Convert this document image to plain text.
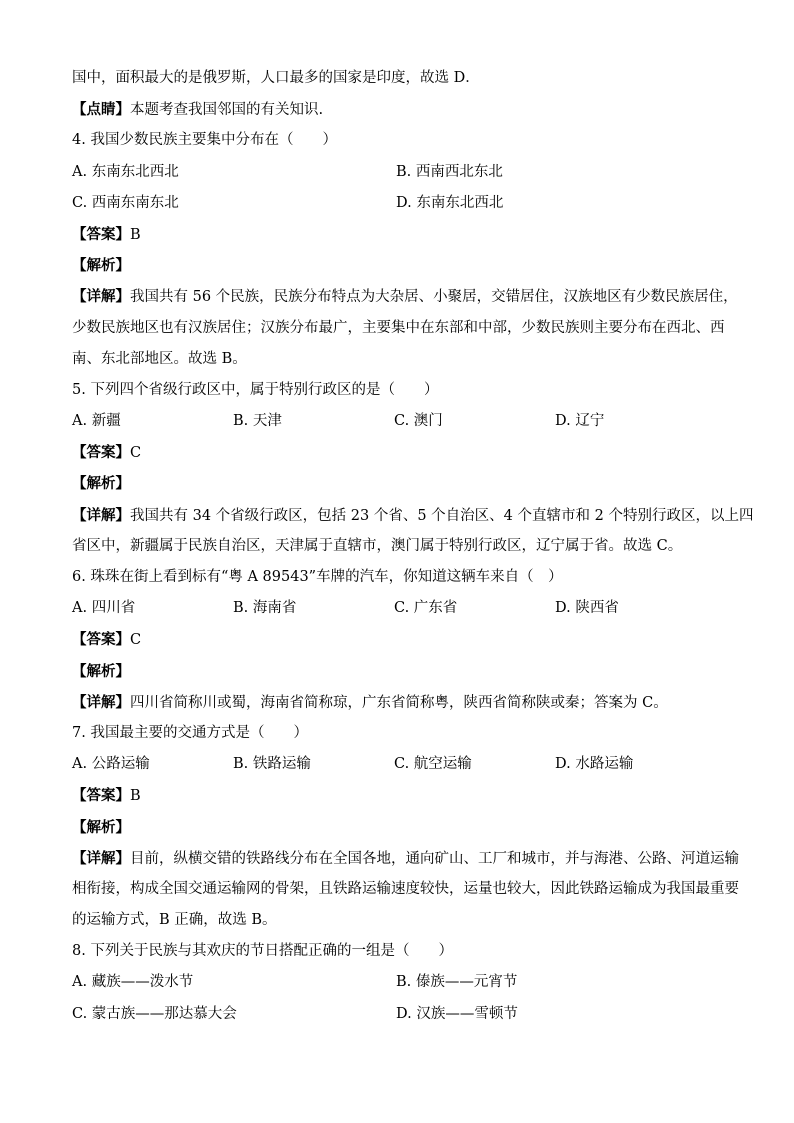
国中，面积最大的是俄罗斯，人口最多的国家是印度，故选 D．
【点睛】本题考查我国邻国的有关知识.
4. 我国少数民族主要集中分布在（　　）
A. 东南东北西北	B. 西南西北东北
C. 西南东南东北	D. 东南东北西北
【答案】B
【解析】
【详解】我国共有 56 个民族，民族分布特点为大杂居、小聚居，交错居住，汉族地区有少数民族居住，
少数民族地区也有汉族居住；汉族分布最广，主要集中在东部和中部，少数民族则主要分布在西北、西
南、东北部地区。故选 B。
5. 下列四个省级行政区中，属于特别行政区的是（　　）
A. 新疆	B. 天津	C. 澳门	D. 辽宁
【答案】C
【解析】
【详解】我国共有 34 个省级行政区，包括 23 个省、5 个自治区、4 个直辖市和 2 个特别行政区，以上四
省区中，新疆属于民族自治区，天津属于直辖市，澳门属于特别行政区，辽宁属于省。故选 C。
6. 珠珠在街上看到标有“粤 A 89543”车牌的汽车，你知道这辆车来自（　）
A. 四川省	B. 海南省	C. 广东省	D. 陕西省
【答案】C
【解析】
【详解】四川省简称川或蜀，海南省简称琼，广东省简称粤，陕西省简称陕或秦；答案为 C。
7. 我国最主要的交通方式是（　　）
A. 公路运输	B. 铁路运输	C. 航空运输	D. 水路运输
【答案】B
【解析】
【详解】目前，纵横交错的铁路线分布在全国各地，通向矿山、工厂和城市，并与海港、公路、河道运输
相衔接，构成全国交通运输网的骨架，且铁路运输速度较快，运量也较大，因此铁路运输成为我国最重要
的运输方式，B 正确，故选 B。
8. 下列关于民族与其欢庆的节日搭配正确的一组是（　　）
A. 藏族——泼水节	B. 傣族——元宵节
C. 蒙古族——那达慕大会	D. 汉族——雪顿节
